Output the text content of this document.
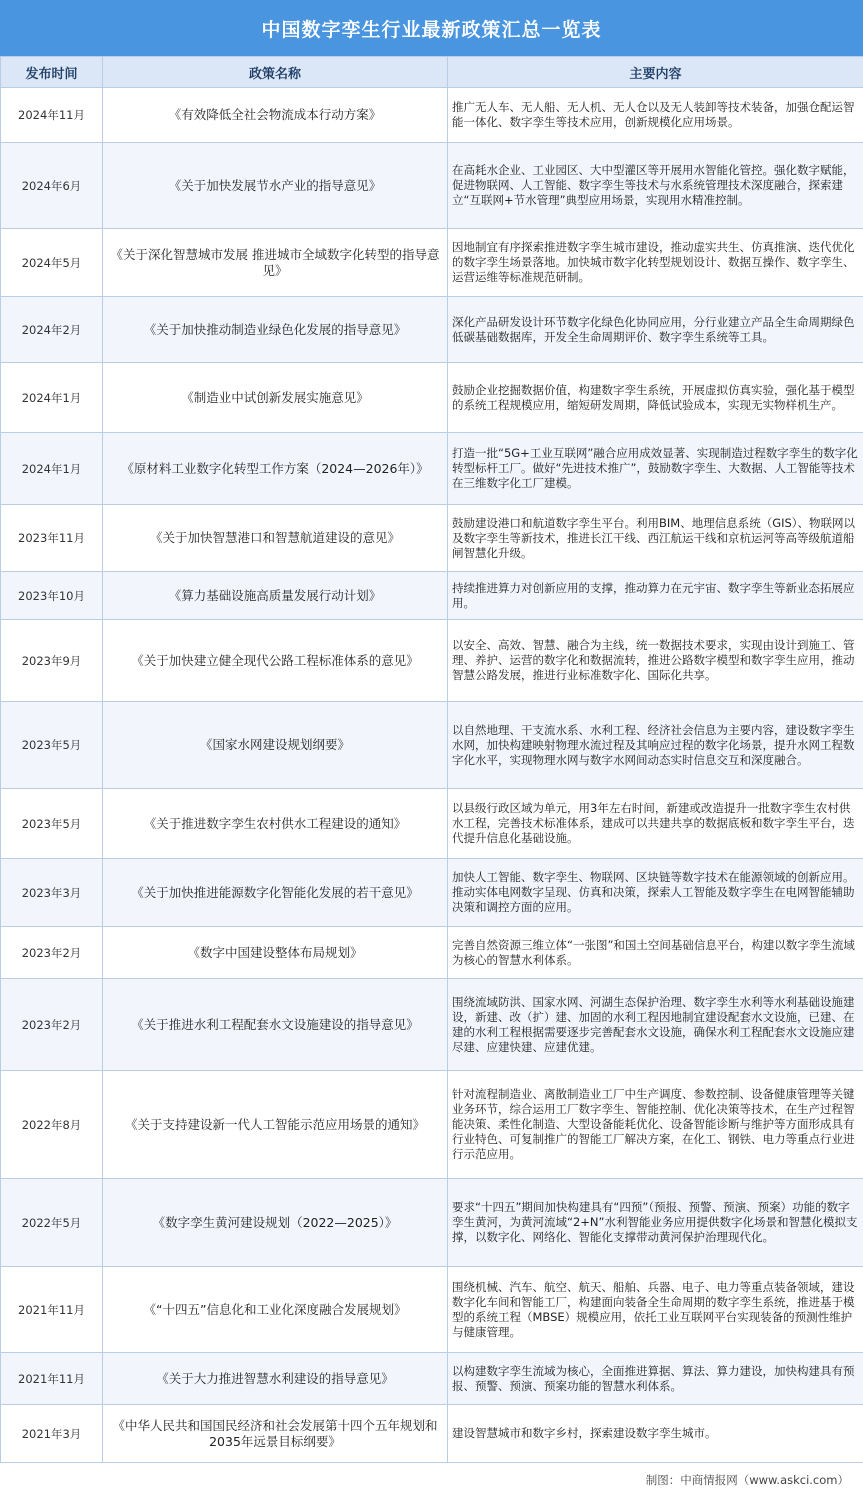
中国数字孪生行业最新政策汇总一览表
发布时间	政策名称	主要内容
2024年11月	《有效降低全社会物流成本行动方案》	推广无人车、无人船、无人机、无人仓以及无人装卸等技术装备，加强仓配运智能一体化、数字孪生等技术应用，创新规模化应用场景。
2024年6月	《关于加快发展节水产业的指导意见》	在高耗水企业、工业园区、大中型灌区等开展用水智能化管控。强化数字赋能，促进物联网、人工智能、数字孪生等技术与水系统管理技术深度融合，探索建立“互联网+节水管理”典型应用场景，实现用水精准控制。
2024年5月	《关于深化智慧城市发展 推进城市全域数字化转型的指导意见》	因地制宜有序探索推进数字孪生城市建设，推动虚实共生、仿真推演、迭代优化的数字孪生场景落地。加快城市数字化转型规划设计、数据互操作、数字孪生、运营运维等标准规范研制。
2024年2月	《关于加快推动制造业绿色化发展的指导意见》	深化产品研发设计环节数字化绿色化协同应用，分行业建立产品全生命周期绿色低碳基础数据库，开发全生命周期评价、数字孪生系统等工具。
2024年1月	《制造业中试创新发展实施意见》	鼓励企业挖掘数据价值，构建数字孪生系统，开展虚拟仿真实验，强化基于模型的系统工程规模应用，缩短研发周期，降低试验成本，实现无实物样机生产。
2024年1月	《原材料工业数字化转型工作方案（2024—2026年）》	打造一批“5G+工业互联网”融合应用成效显著、实现制造过程数字孪生的数字化转型标杆工厂。做好“先进技术推广”，鼓励数字孪生、大数据、人工智能等技术在三维数字化工厂建模。
2023年11月	《关于加快智慧港口和智慧航道建设的意见》	鼓励建设港口和航道数字孪生平台。利用BIM、地理信息系统（GIS）、物联网以及数字孪生等新技术，推进长江干线、西江航运干线和京杭运河等高等级航道船闸智慧化升级。
2023年10月	《算力基础设施高质量发展行动计划》	持续推进算力对创新应用的支撑，推动算力在元宇宙、数字孪生等新业态拓展应用。
2023年9月	《关于加快建立健全现代公路工程标准体系的意见》	以安全、高效、智慧、融合为主线，统一数据技术要求，实现由设计到施工、管理、养护、运营的数字化和数据流转，推进公路数字模型和数字孪生应用，推动智慧公路发展，推进行业标准数字化、国际化共享。
2023年5月	《国家水网建设规划纲要》	以自然地理、干支流水系、水利工程、经济社会信息为主要内容，建设数字孪生水网，加快构建映射物理水流过程及其响应过程的数字化场景，提升水网工程数字化水平，实现物理水网与数字水网间动态实时信息交互和深度融合。
2023年5月	《关于推进数字孪生农村供水工程建设的通知》	以县级行政区域为单元，用3年左右时间，新建或改造提升一批数字孪生农村供水工程，完善技术标准体系，建成可以共建共享的数据底板和数字孪生平台，迭代提升信息化基础设施。
2023年3月	《关于加快推进能源数字化智能化发展的若干意见》	加快人工智能、数字孪生、物联网、区块链等数字技术在能源领域的创新应用。推动实体电网数字呈现、仿真和决策，探索人工智能及数字孪生在电网智能辅助决策和调控方面的应用。
2023年2月	《数字中国建设整体布局规划》	完善自然资源三维立体“一张图”和国土空间基础信息平台，构建以数字孪生流域为核心的智慧水利体系。
2023年2月	《关于推进水利工程配套水文设施建设的指导意见》	围绕流域防洪、国家水网、河湖生态保护治理、数字孪生水利等水利基础设施建设，新建、改（扩）建、加固的水利工程因地制宜建设配套水文设施，已建、在建的水利工程根据需要逐步完善配套水文设施，确保水利工程配套水文设施应建尽建、应建快建、应建优建。
2022年8月	《关于支持建设新一代人工智能示范应用场景的通知》	针对流程制造业、离散制造业工厂中生产调度、参数控制、设备健康管理等关键业务环节，综合运用工厂数字孪生、智能控制、优化决策等技术，在生产过程智能决策、柔性化制造、大型设备能耗优化、设备智能诊断与维护等方面形成具有行业特色、可复制推广的智能工厂解决方案，在化工、钢铁、电力等重点行业进行示范应用。
2022年5月	《数字孪生黄河建设规划（2022—2025）》	要求“十四五”期间加快构建具有“四预”（预报、预警、预演、预案）功能的数字孪生黄河，为黄河流域“2+N”水利智能业务应用提供数字化场景和智慧化模拟支撑，以数字化、网络化、智能化支撑带动黄河保护治理现代化。
2021年11月	《“十四五”信息化和工业化深度融合发展规划》	围绕机械、汽车、航空、航天、船舶、兵器、电子、电力等重点装备领域，建设数字化车间和智能工厂，构建面向装备全生命周期的数字孪生系统，推进基于模型的系统工程（MBSE）规模应用，依托工业互联网平台实现装备的预测性维护与健康管理。
2021年11月	《关于大力推进智慧水利建设的指导意见》	以构建数字孪生流域为核心，全面推进算据、算法、算力建设，加快构建具有预报、预警、预演、预案功能的智慧水利体系。
2021年3月	《中华人民共和国国民经济和社会发展第十四个五年规划和2035年远景目标纲要》	建设智慧城市和数字乡村，探索建设数字孪生城市。
制图：中商情报网（www.askci.com）
